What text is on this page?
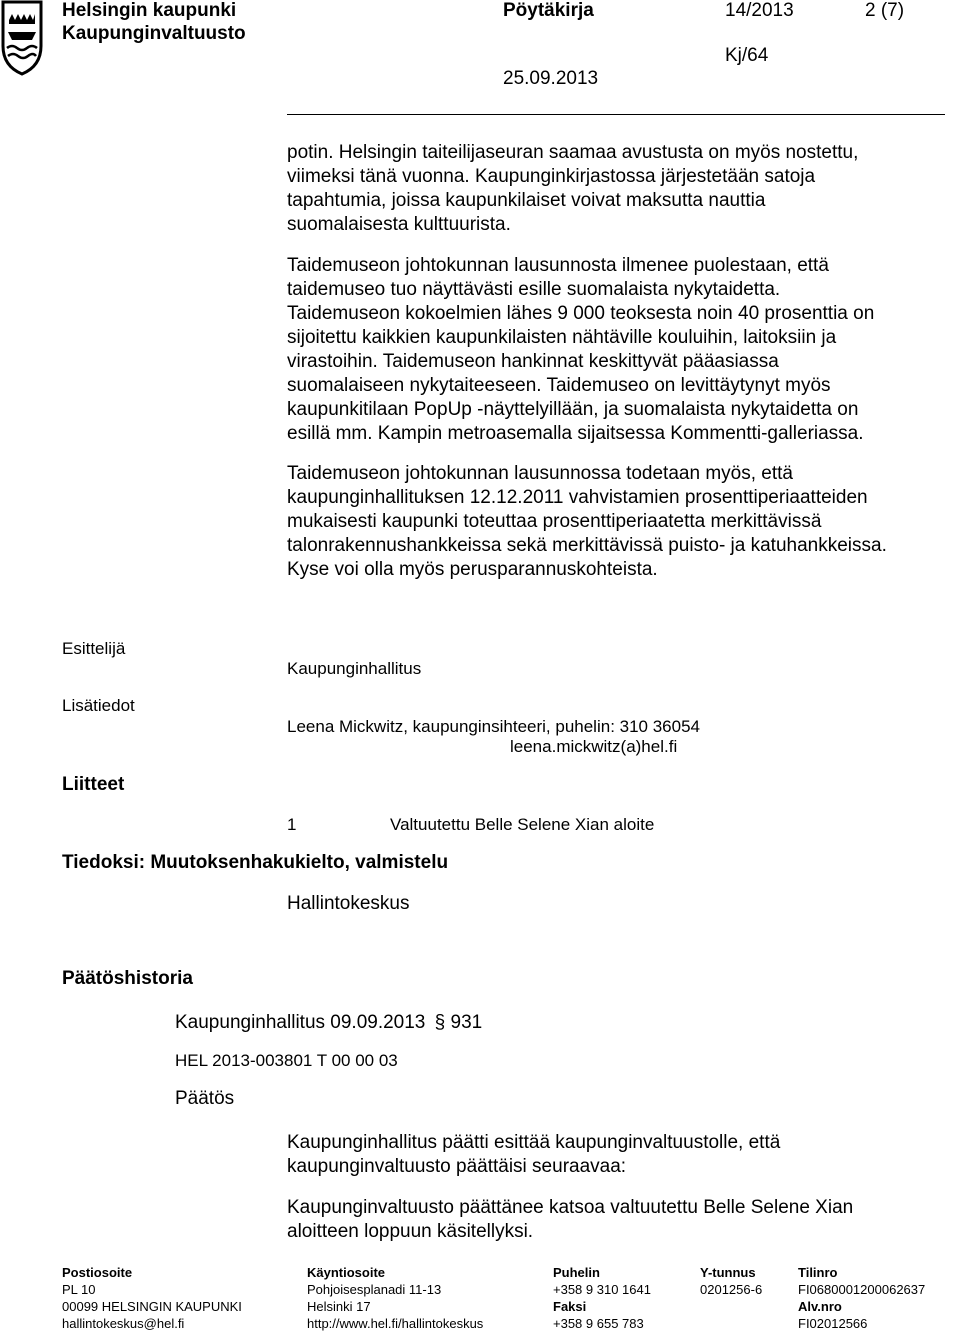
Helsingin kaupunki
Kaupunginvaltuusto
Pöytäkirja	14/2013	2 (7)
Kj/64
25.09.2013

potin. Helsingin taiteilijaseuran saamaa avustusta on myös nostettu,

viimeksi tänä vuonna. Kaupunginkirjastossa järjestetään satoja

tapahtumia, joissa kaupunkilaiset voivat maksutta nauttia

suomalaisesta kulttuurista.

Taidemuseon johtokunnan lausunnosta ilmenee puolestaan, että

taidemuseo tuo näyttävästi esille suomalaista nykytaidetta.

Taidemuseon kokoelmien lähes 9 000 teoksesta noin 40 prosenttia on

sijoitettu kaikkien kaupunkilaisten nähtäville kouluihin, laitoksiin ja

virastoihin. Taidemuseon hankinnat keskittyvät pääasiassa

suomalaiseen nykytaiteeseen. Taidemuseo on levittäytynyt myös

kaupunkitilaan PopUp -näyttelyillään, ja suomalaista nykytaidetta on

esillä mm. Kampin metroasemalla sijaitsessa Kommentti-galleriassa.

Taidemuseon johtokunnan lausunnossa todetaan myös, että

kaupunginhallituksen 12.12.2011 vahvistamien prosenttiperiaatteiden

mukaisesti kaupunki toteuttaa prosenttiperiaatetta merkittävissä

talonrakennushankkeissa sekä merkittävissä puisto- ja katuhankkeissa.

Kyse voi olla myös perusparannuskohteista.

Esittelijä
Kaupunginhallitus
Lisätiedot
Leena Mickwitz, kaupunginsihteeri, puhelin: 310 36054
leena.mickwitz(a)hel.fi
Liitteet
1	Valtuutettu Belle Selene Xian aloite
Tiedoksi: Muutoksenhakukielto, valmistelu
Hallintokeskus
Päätöshistoria
Kaupunginhallitus 09.09.2013 § 931
HEL 2013-003801 T 00 00 03
Päätös

Kaupunginhallitus päätti esittää kaupunginvaltuustolle, että

kaupunginvaltuusto päättäisi seuraavaa:

Kaupunginvaltuusto päättänee katsoa valtuutettu Belle Selene Xian

aloitteen loppuun käsitellyksi.

Postiosoite
PL 10
00099 HELSINGIN KAUPUNKI
hallintokeskus@hel.fi
Käyntiosoite
Pohjoisesplanadi 11-13
Helsinki 17
http://www.hel.fi/hallintokeskus
Puhelin
+358 9 310 1641
Faksi
+358 9 655 783
Y-tunnus
0201256-6
Tilinro
FI0680001200062637
Alv.nro
FI02012566
